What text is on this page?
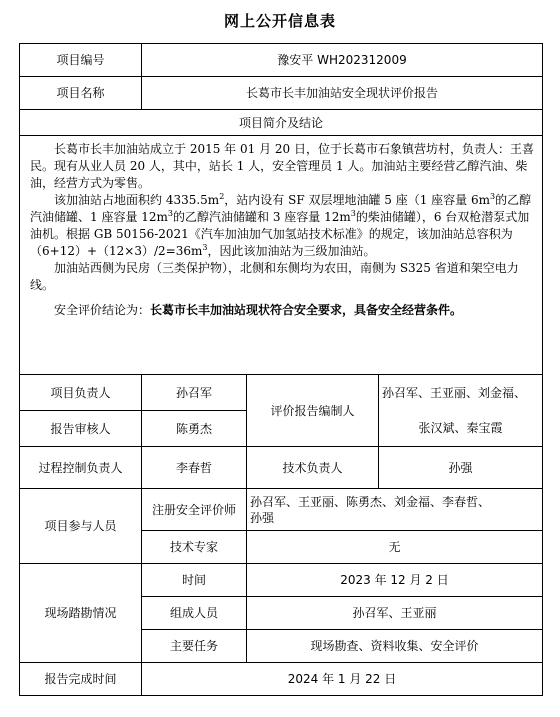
网上公开信息表
项目编号	豫安平 WH202312009		
项目名称	长葛市长丰加油站安全现状评价报告		
项目简介及结论			

长葛市长丰加油站成立于 2015 年 01 月 20 日，位于长葛市石象镇营坊村，负责人：王喜民。现有从业人员 20 人，其中，站长 1 人，安全管理员 1 人。加油站主要经营乙醇汽油、柴油，经营方式为零售。

该加油站占地面积约 $4335.5m^2$，站内设有 SF 双层埋地油罐 5 座（1 座容量 $6m^3$的乙醇汽油储罐、1 座容量 $12m^3$的乙醇汽油储罐和 3 座容量 $12m^3$的柴油储罐），6 台双枪潜泵式加油机。根据 GB 50156-2021《汽车加油加气加氢站技术标准》的规定，该加油站总容积为$(6+12)+(12\times 3)/2=36m^3$，因此该加油站为三级加油站。

加油站西侧为民房（三类保护物），北侧和东侧均为农田，南侧为 S325 省道和架空电力线。

安全评价结论为：长葛市长丰加油站现状符合安全要求，具备安全经营条件。			

项目负责人	孙召军	评价报告编制人	孙召军、王亚丽、刘金福、
报告审核人	陈勇杰		张汉斌、秦宝霞
过程控制负责人	李春哲	技术负责人	孙强
项目参与人员	注册安全评价师	孙召军、王亚丽、陈勇杰、刘金福、李春哲、
孙强	

	技术专家	无	
现场踏勘情况	时间	2023 年 12 月 2 日	
	组成人员	孙召军、王亚丽	
	主要任务	现场勘查、资料收集、安全评价	
报告完成时间	2024 年 1 月 22 日		
